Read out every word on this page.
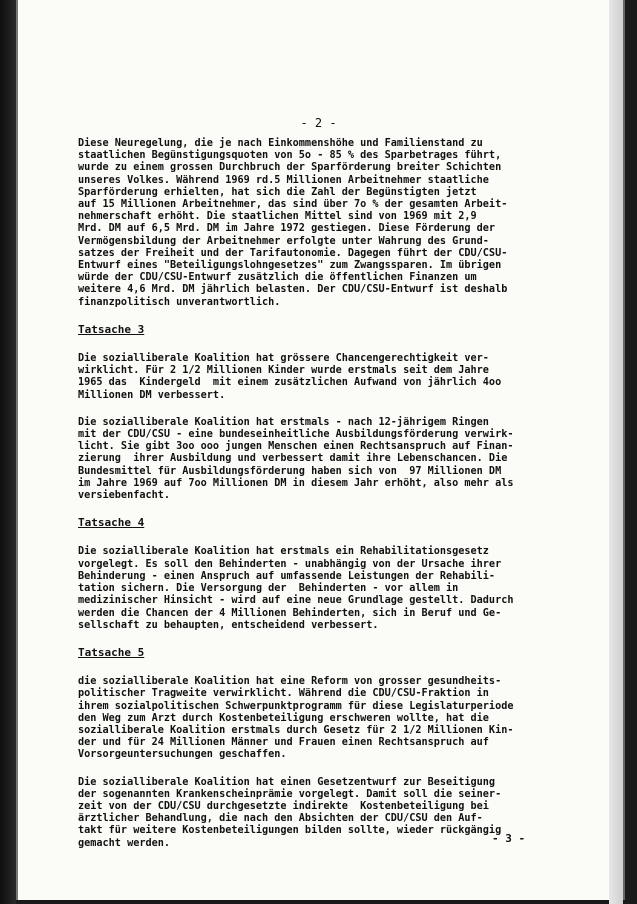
- 2 -

Diese Neuregelung, die je nach Einkommenshöhe und Familienstand zu
staatlichen Begünstigungsquoten von 5o - 85 % des Sparbetrages führt,
wurde zu einem grossen Durchbruch der Sparförderung breiter Schichten
unseres Volkes. Während 1969 rd.5 Millionen Arbeitnehmer staatliche
Sparförderung erhielten, hat sich die Zahl der Begünstigten jetzt
auf 15 Millionen Arbeitnehmer, das sind über 7o % der gesamten Arbeit-
nehmerschaft erhöht. Die staatlichen Mittel sind von 1969 mit 2,9
Mrd. DM auf 6,5 Mrd. DM im Jahre 1972 gestiegen. Diese Förderung der
Vermögensbildung der Arbeitnehmer erfolgte unter Wahrung des Grund-
satzes der Freiheit und der Tarifautonomie. Dagegen führt der CDU/CSU-
Entwurf eines "Beteiligungslohngesetzes" zum Zwangssparen. Im übrigen
würde der CDU/CSU-Entwurf zusätzlich die öffentlichen Finanzen um
weitere 4,6 Mrd. DM jährlich belasten. Der CDU/CSU-Entwurf ist deshalb
finanzpolitisch unverantwortlich.

Tatsache 3

Die sozialliberale Koalition hat grössere Chancengerechtigkeit ver-
wirklicht. Für 2 1/2 Millionen Kinder wurde erstmals seit dem Jahre
1965 das  Kindergeld  mit einem zusätzlichen Aufwand von jährlich 4oo
Millionen DM verbessert.

Die sozialliberale Koalition hat erstmals - nach 12-jährigem Ringen
mit der CDU/CSU - eine bundeseinheitliche Ausbildungsförderung verwirk-
licht. Sie gibt 3oo ooo jungen Menschen einen Rechtsanspruch auf Finan-
zierung  ihrer Ausbildung und verbessert damit ihre Lebenschancen. Die
Bundesmittel für Ausbildungsförderung haben sich von  97 Millionen DM
im Jahre 1969 auf 7oo Millionen DM in diesem Jahr erhöht, also mehr als
versiebenfacht.

Tatsache 4

Die sozialliberale Koalition hat erstmals ein Rehabilitationsgesetz
vorgelegt. Es soll den Behinderten - unabhängig von der Ursache ihrer
Behinderung - einen Anspruch auf umfassende Leistungen der Rehabili-
tation sichern. Die Versorgung der  Behinderten - vor allem in
medizinischer Hinsicht - wird auf eine neue Grundlage gestellt. Dadurch
werden die Chancen der 4 Millionen Behinderten, sich in Beruf und Ge-
sellschaft zu behaupten, entscheidend verbessert.

Tatsache 5

die sozialliberale Koalition hat eine Reform von grosser gesundheits-
politischer Tragweite verwirklicht. Während die CDU/CSU-Fraktion in
ihrem sozialpolitischen Schwerpunktprogramm für diese Legislaturperiode
den Weg zum Arzt durch Kostenbeteiligung erschweren wollte, hat die
sozialliberale Koalition erstmals durch Gesetz für 2 1/2 Millionen Kin-
der und für 24 Millionen Männer und Frauen einen Rechtsanspruch auf
Vorsorgeuntersuchungen geschaffen.

Die sozialliberale Koalition hat einen Gesetzentwurf zur Beseitigung
der sogenannten Krankenscheinprämie vorgelegt. Damit soll die seiner-
zeit von der CDU/CSU durchgesetzte indirekte  Kostenbeteiligung bei
ärztlicher Behandlung, die nach den Absichten der CDU/CSU den Auf-
takt für weitere Kostenbeteiligungen bilden sollte, wieder rückgängig
gemacht werden.	- 3 -
